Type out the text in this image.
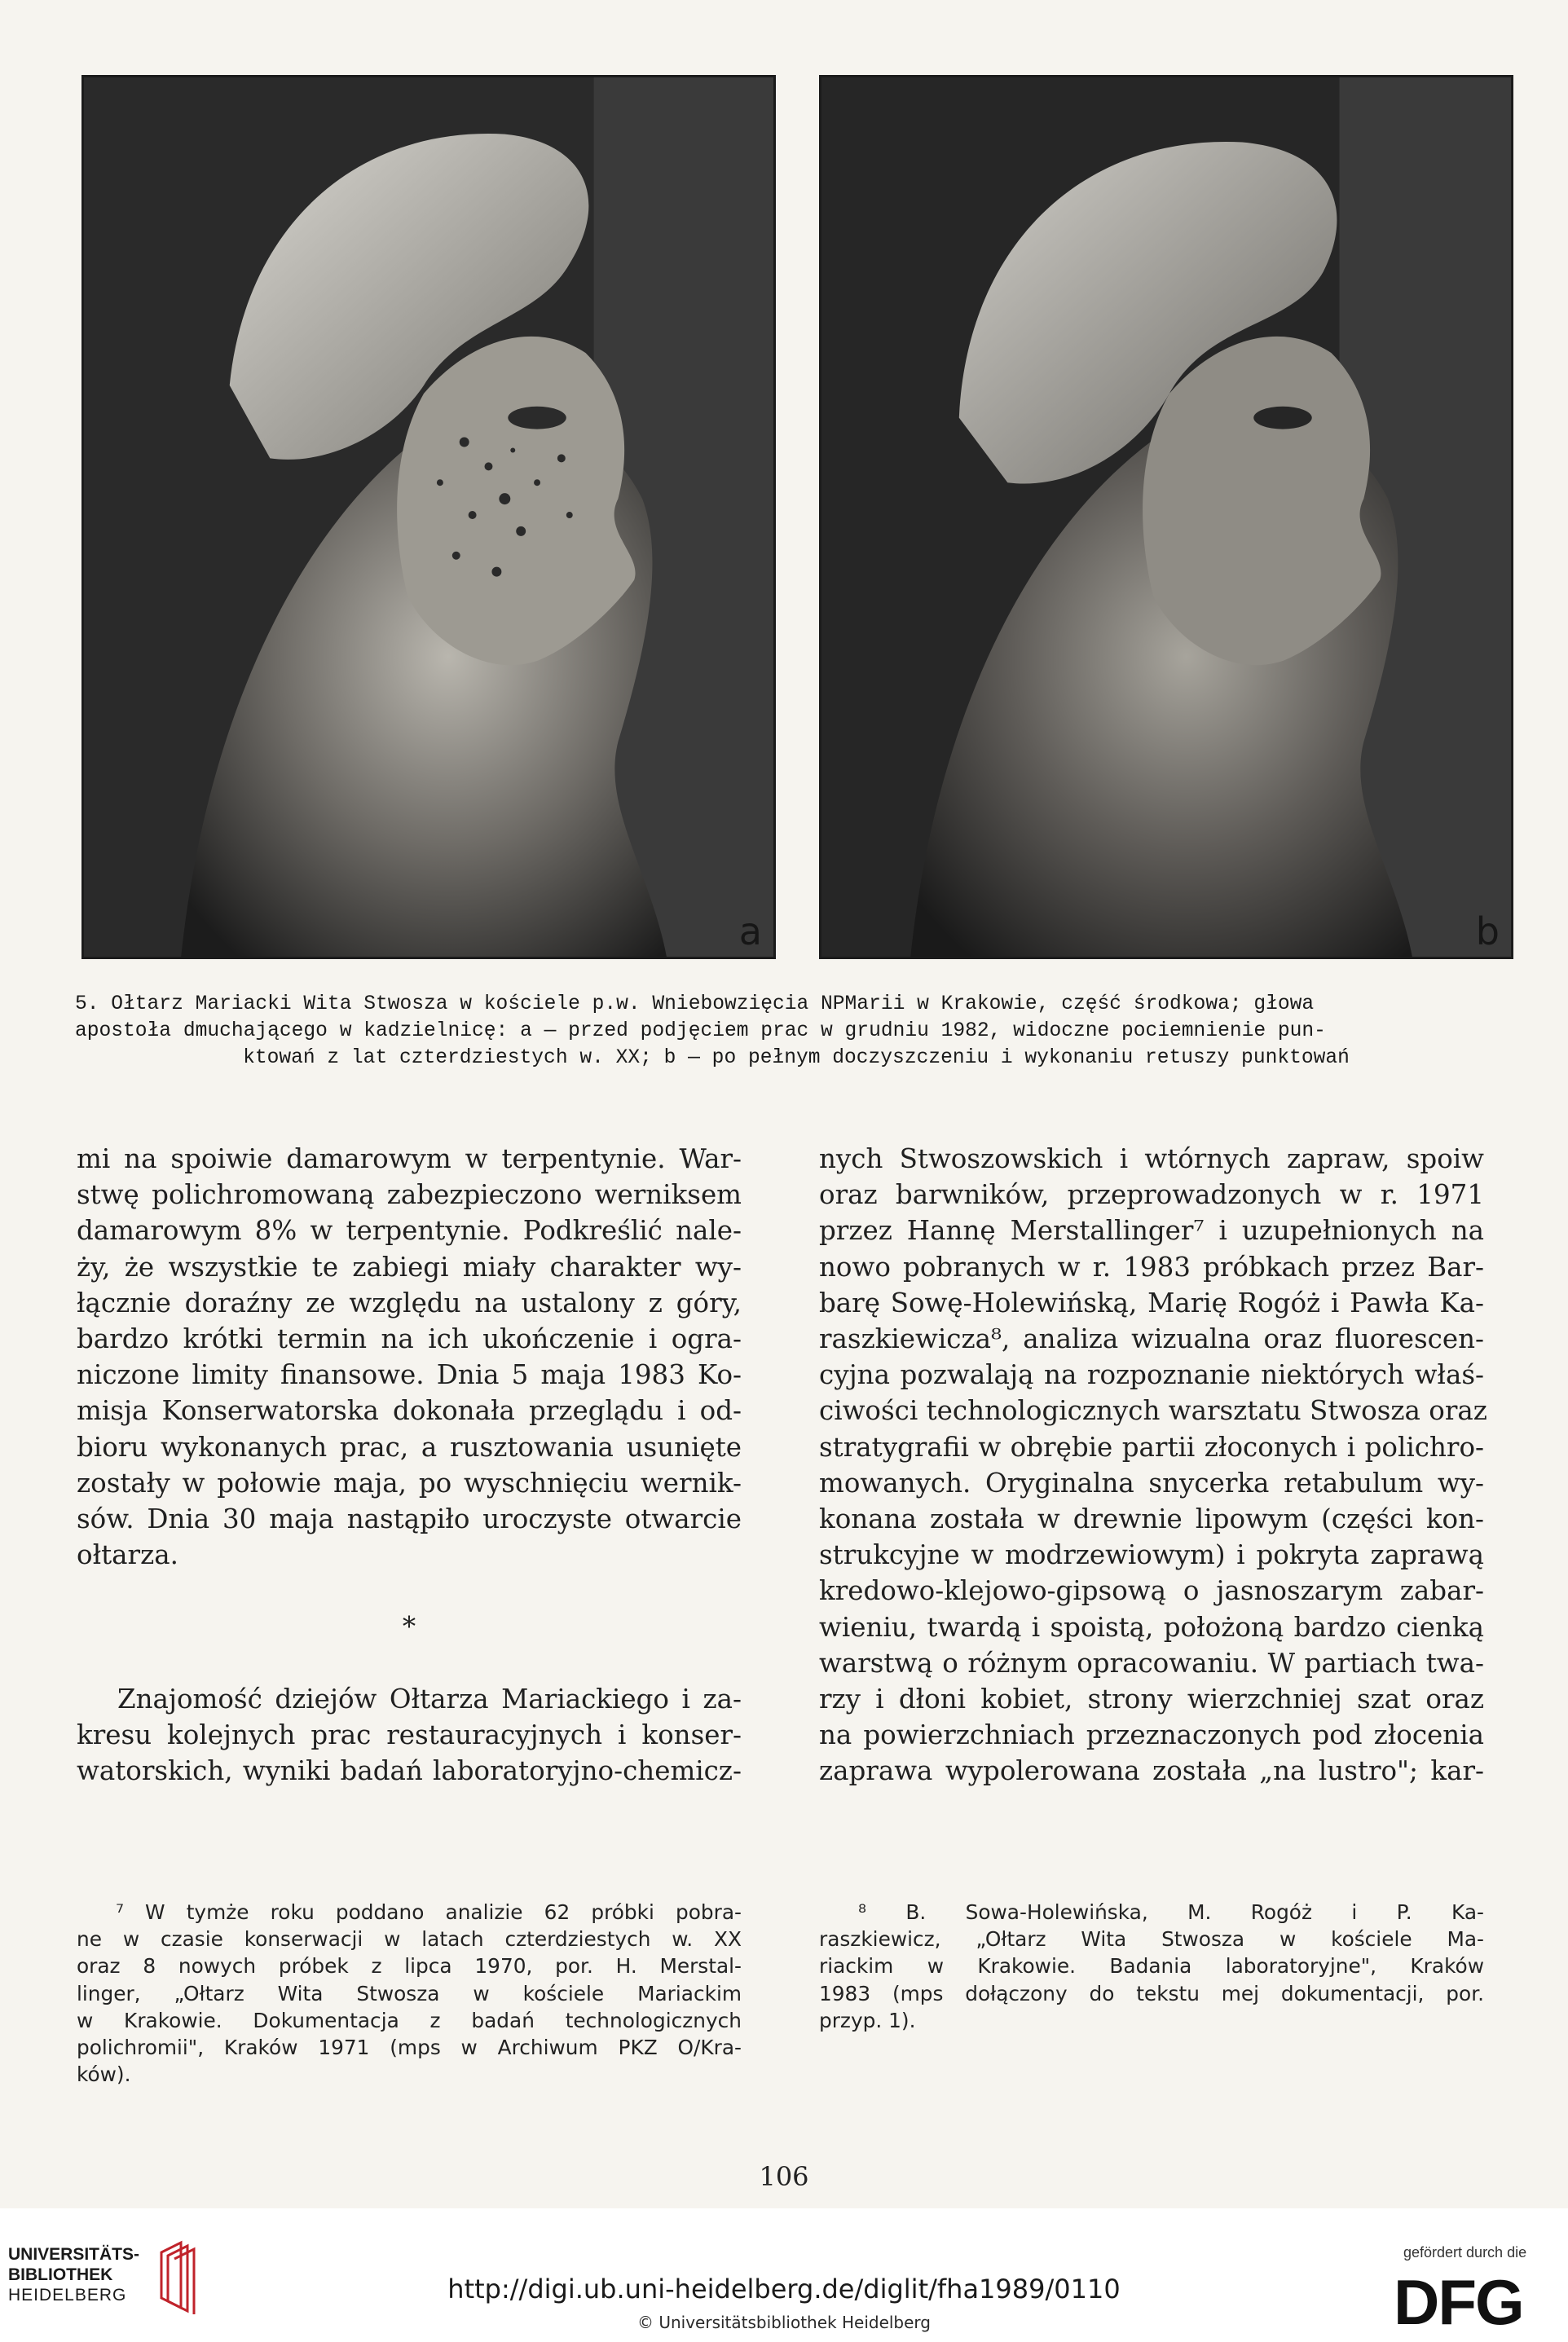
a	b
5. Ołtarz Mariacki Wita Stwosza w kościele p.w. Wniebowzięcia NPMarii w Krakowie, część środkowa; głowa
apostoła dmuchającego w kadzielnicę: a — przed podjęciem prac w grudniu 1982, widoczne pociemnienie pun-
ktowań z lat czterdziestych w. XX; b — po pełnym doczyszczeniu i wykonaniu retuszy punktowań
mi na spoiwie damarowym w terpentynie. War-
stwę polichromowaną zabezpieczono werniksem
damarowym 8% w terpentynie. Podkreślić nale-
ży, że wszystkie te zabiegi miały charakter wy-
łącznie doraźny ze względu na ustalony z góry,
bardzo krótki termin na ich ukończenie i ogra-
niczone limity finansowe. Dnia 5 maja 1983 Ko-
misja Konserwatorska dokonała przeglądu i od-
bioru wykonanych prac, a rusztowania usunięte
zostały w połowie maja, po wyschnięciu wernik-
sów. Dnia 30 maja nastąpiło uroczyste otwarcie
ołtarza.
*
Znajomość dziejów Ołtarza Mariackiego i za-
kresu kolejnych prac restauracyjnych i konser-
watorskich, wyniki badań laboratoryjno-chemicz-
nych Stwoszowskich i wtórnych zapraw, spoiw
oraz barwników, przeprowadzonych w r. 1971
przez Hannę Merstallinger⁷ i uzupełnionych na
nowo pobranych w r. 1983 próbkach przez Bar-
barę Sowę-Holewińską, Marię Rogóż i Pawła Ka-
raszkiewicza⁸, analiza wizualna oraz fluorescen-
cyjna pozwalają na rozpoznanie niektórych właś-
ciwości technologicznych warsztatu Stwosza oraz
stratygrafii w obrębie partii złoconych i polichro-
mowanych. Oryginalna snycerka retabulum wy-
konana została w drewnie lipowym (części kon-
strukcyjne w modrzewiowym) i pokryta zaprawą
kredowo-klejowo-gipsową o jasnoszarym zabar-
wieniu, twardą i spoistą, położoną bardzo cienką
warstwą o różnym opracowaniu. W partiach twa-
rzy i dłoni kobiet, strony wierzchniej szat oraz
na powierzchniach przeznaczonych pod złocenia
zaprawa wypolerowana została „na lustro"; kar-
⁷ W tymże roku poddano analizie 62 próbki pobra-
ne w czasie konserwacji w latach czterdziestych w. XX
oraz 8 nowych próbek z lipca 1970, por. H. Merstal-
linger, „Ołtarz Wita Stwosza w kościele Mariackim
w Krakowie. Dokumentacja z badań technologicznych
polichromii", Kraków 1971 (mps w Archiwum PKZ O/Kra-
ków).
⁸ B. Sowa-Holewińska, M. Rogóż i P. Ka-
raszkiewicz, „Ołtarz Wita Stwosza w kościele Ma-
riackim w Krakowie. Badania laboratoryjne", Kraków
1983 (mps dołączony do tekstu mej dokumentacji, por.
przyp. 1).
106
UNIVERSITÄTS-
BIBLIOTHEK
HEIDELBERG	http://digi.ub.uni-heidelberg.de/diglit/fha1989/0110
© Universitätsbibliothek Heidelberg
gefördert durch die
DFG
